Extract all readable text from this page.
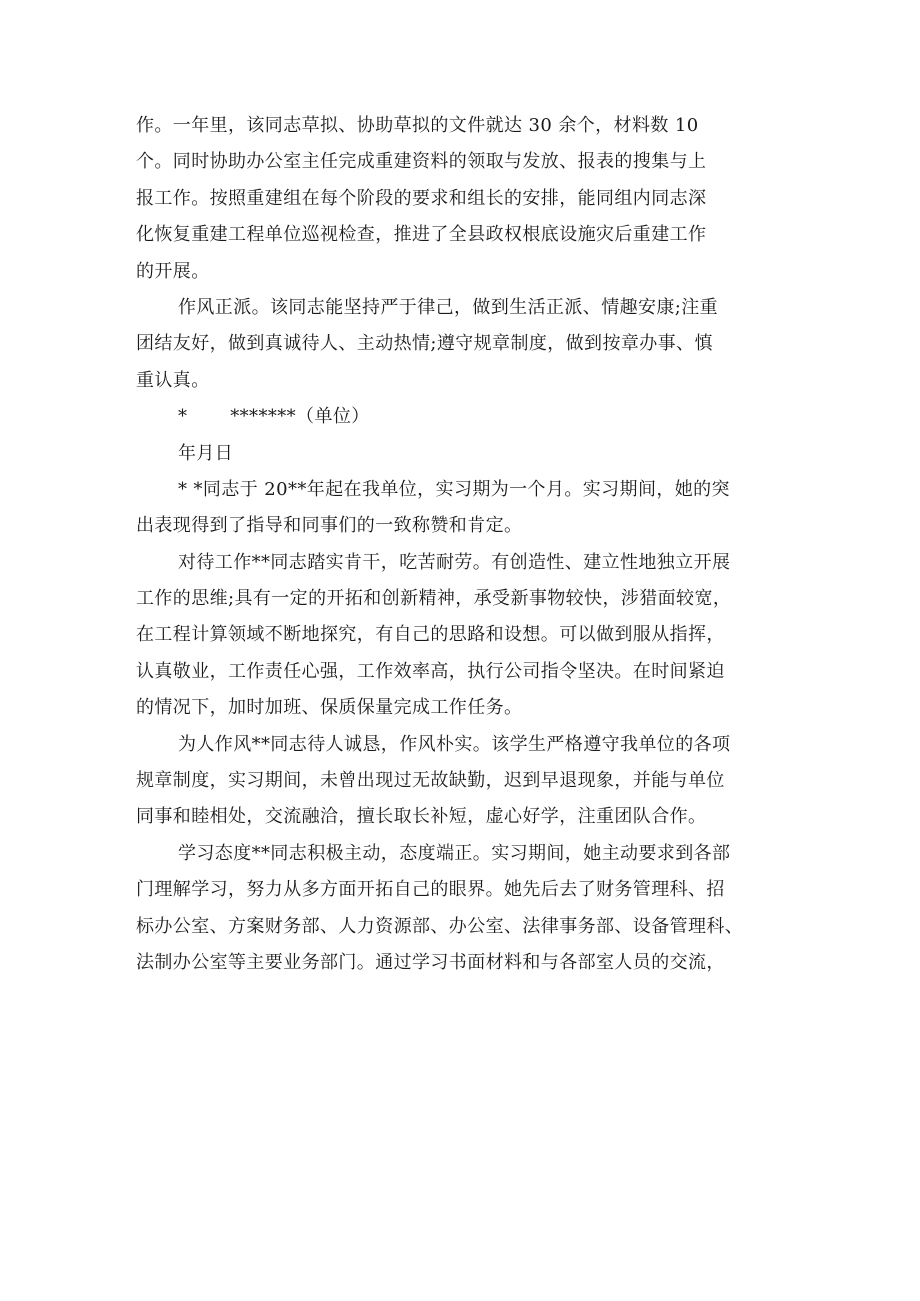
作。一年里，该同志草拟、协助草拟的文件就达 30 余个，材料数 10
个。同时协助办公室主任完成重建资料的领取与发放、报表的搜集与上
报工作。按照重建组在每个阶段的要求和组长的安排，能同组内同志深
化恢复重建工程单位巡视检查，推进了全县政权根底设施灾后重建工作
的开展。
作风正派。该同志能坚持严于律己，做到生活正派、情趣安康;注重
团结友好，做到真诚待人、主动热情;遵守规章制度，做到按章办事、慎
重认真。
*       *******（单位）
年月日
* *同志于 20**年起在我单位，实习期为一个月。实习期间，她的突
出表现得到了指导和同事们的一致称赞和肯定。
对待工作**同志踏实肯干，吃苦耐劳。有创造性、建立性地独立开展
工作的思维;具有一定的开拓和创新精神，承受新事物较快，涉猎面较宽，
在工程计算领域不断地探究，有自己的思路和设想。可以做到服从指挥，
认真敬业，工作责任心强，工作效率高，执行公司指令坚决。在时间紧迫
的情况下，加时加班、保质保量完成工作任务。
为人作风**同志待人诚恳，作风朴实。该学生严格遵守我单位的各项
规章制度，实习期间，未曾出现过无故缺勤，迟到早退现象，并能与单位
同事和睦相处，交流融洽，擅长取长补短，虚心好学，注重团队合作。
学习态度**同志积极主动，态度端正。实习期间，她主动要求到各部
门理解学习，努力从多方面开拓自己的眼界。她先后去了财务管理科、招
标办公室、方案财务部、人力资源部、办公室、法律事务部、设备管理科、
法制办公室等主要业务部门。通过学习书面材料和与各部室人员的交流，
